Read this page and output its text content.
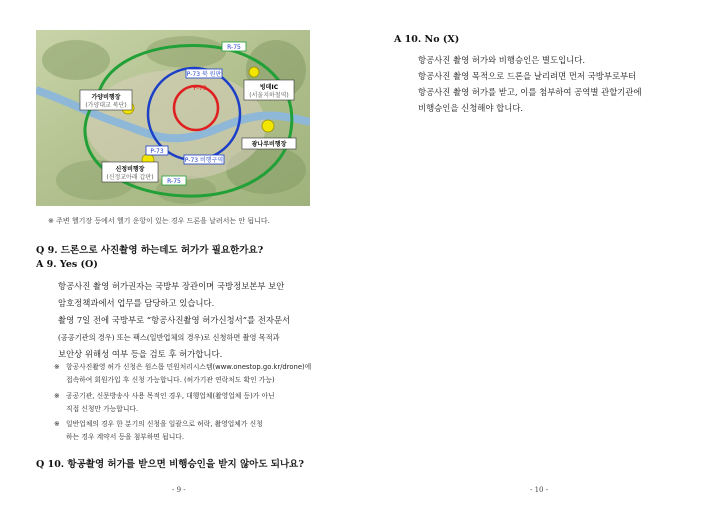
R-75
P-73 북 원판
P-73
P-73 비행구역
P-73
R-75
가양비행장
(가양대교 북단)
빙데IC
(서울지하철역)
광나루비행장
신정비행장
(신정교아래 갑판)
※ 주변 헬기장 등에서 헬기 운항이 있는 경우 드론을 날려서는 안 됩니다.
Q 9. 드론으로 사진촬영 하는데도 허가가 필요한가요?
A 9. Yes (O)
항공사진 촬영 허가권자는 국방부 장관이며 국방정보본부 보안
암호정책과에서 업무를 담당하고 있습니다.
촬영 7일 전에 국방부로 “항공사진촬영 허가신청서”를 전자문서
(공공기관의 경우) 또는 팩스(일반업체의 경우)로 신청하면 촬영 목적과
보안상 위해성 여부 등을 검토 후 허가합니다.
※ 항공사진촬영 허가 신청은 원스톱 민원처리시스템(www.onestop.go.kr/drone)에
접속하여 회원가입 후 신청 가능합니다. (허가기관 연락처도 확인 가능)
※ 공공기관, 신문방송사 사용 목적인 경우, 대행업체(촬영업체 등)가 아닌
직접 신청만 가능합니다.
※ 일반업체의 경우 한 분기의 신청을 일괄으로 허락, 촬영업체가 신청
하는 경우 계약서 등을 첨부하면 됩니다.
Q 10. 항공촬영 허가를 받으면 비행승인을 받지 않아도 되나요?
- 9 -
A 10. No (X)
항공사진 촬영 허가와 비행승인은 별도입니다.
항공사진 촬영 목적으로 드론을 날리려면 먼저 국방부로부터
항공사진 촬영 허가를 받고, 이를 첨부하여 공역별 관할기관에
비행승인을 신청해야 합니다.
- 10 -
